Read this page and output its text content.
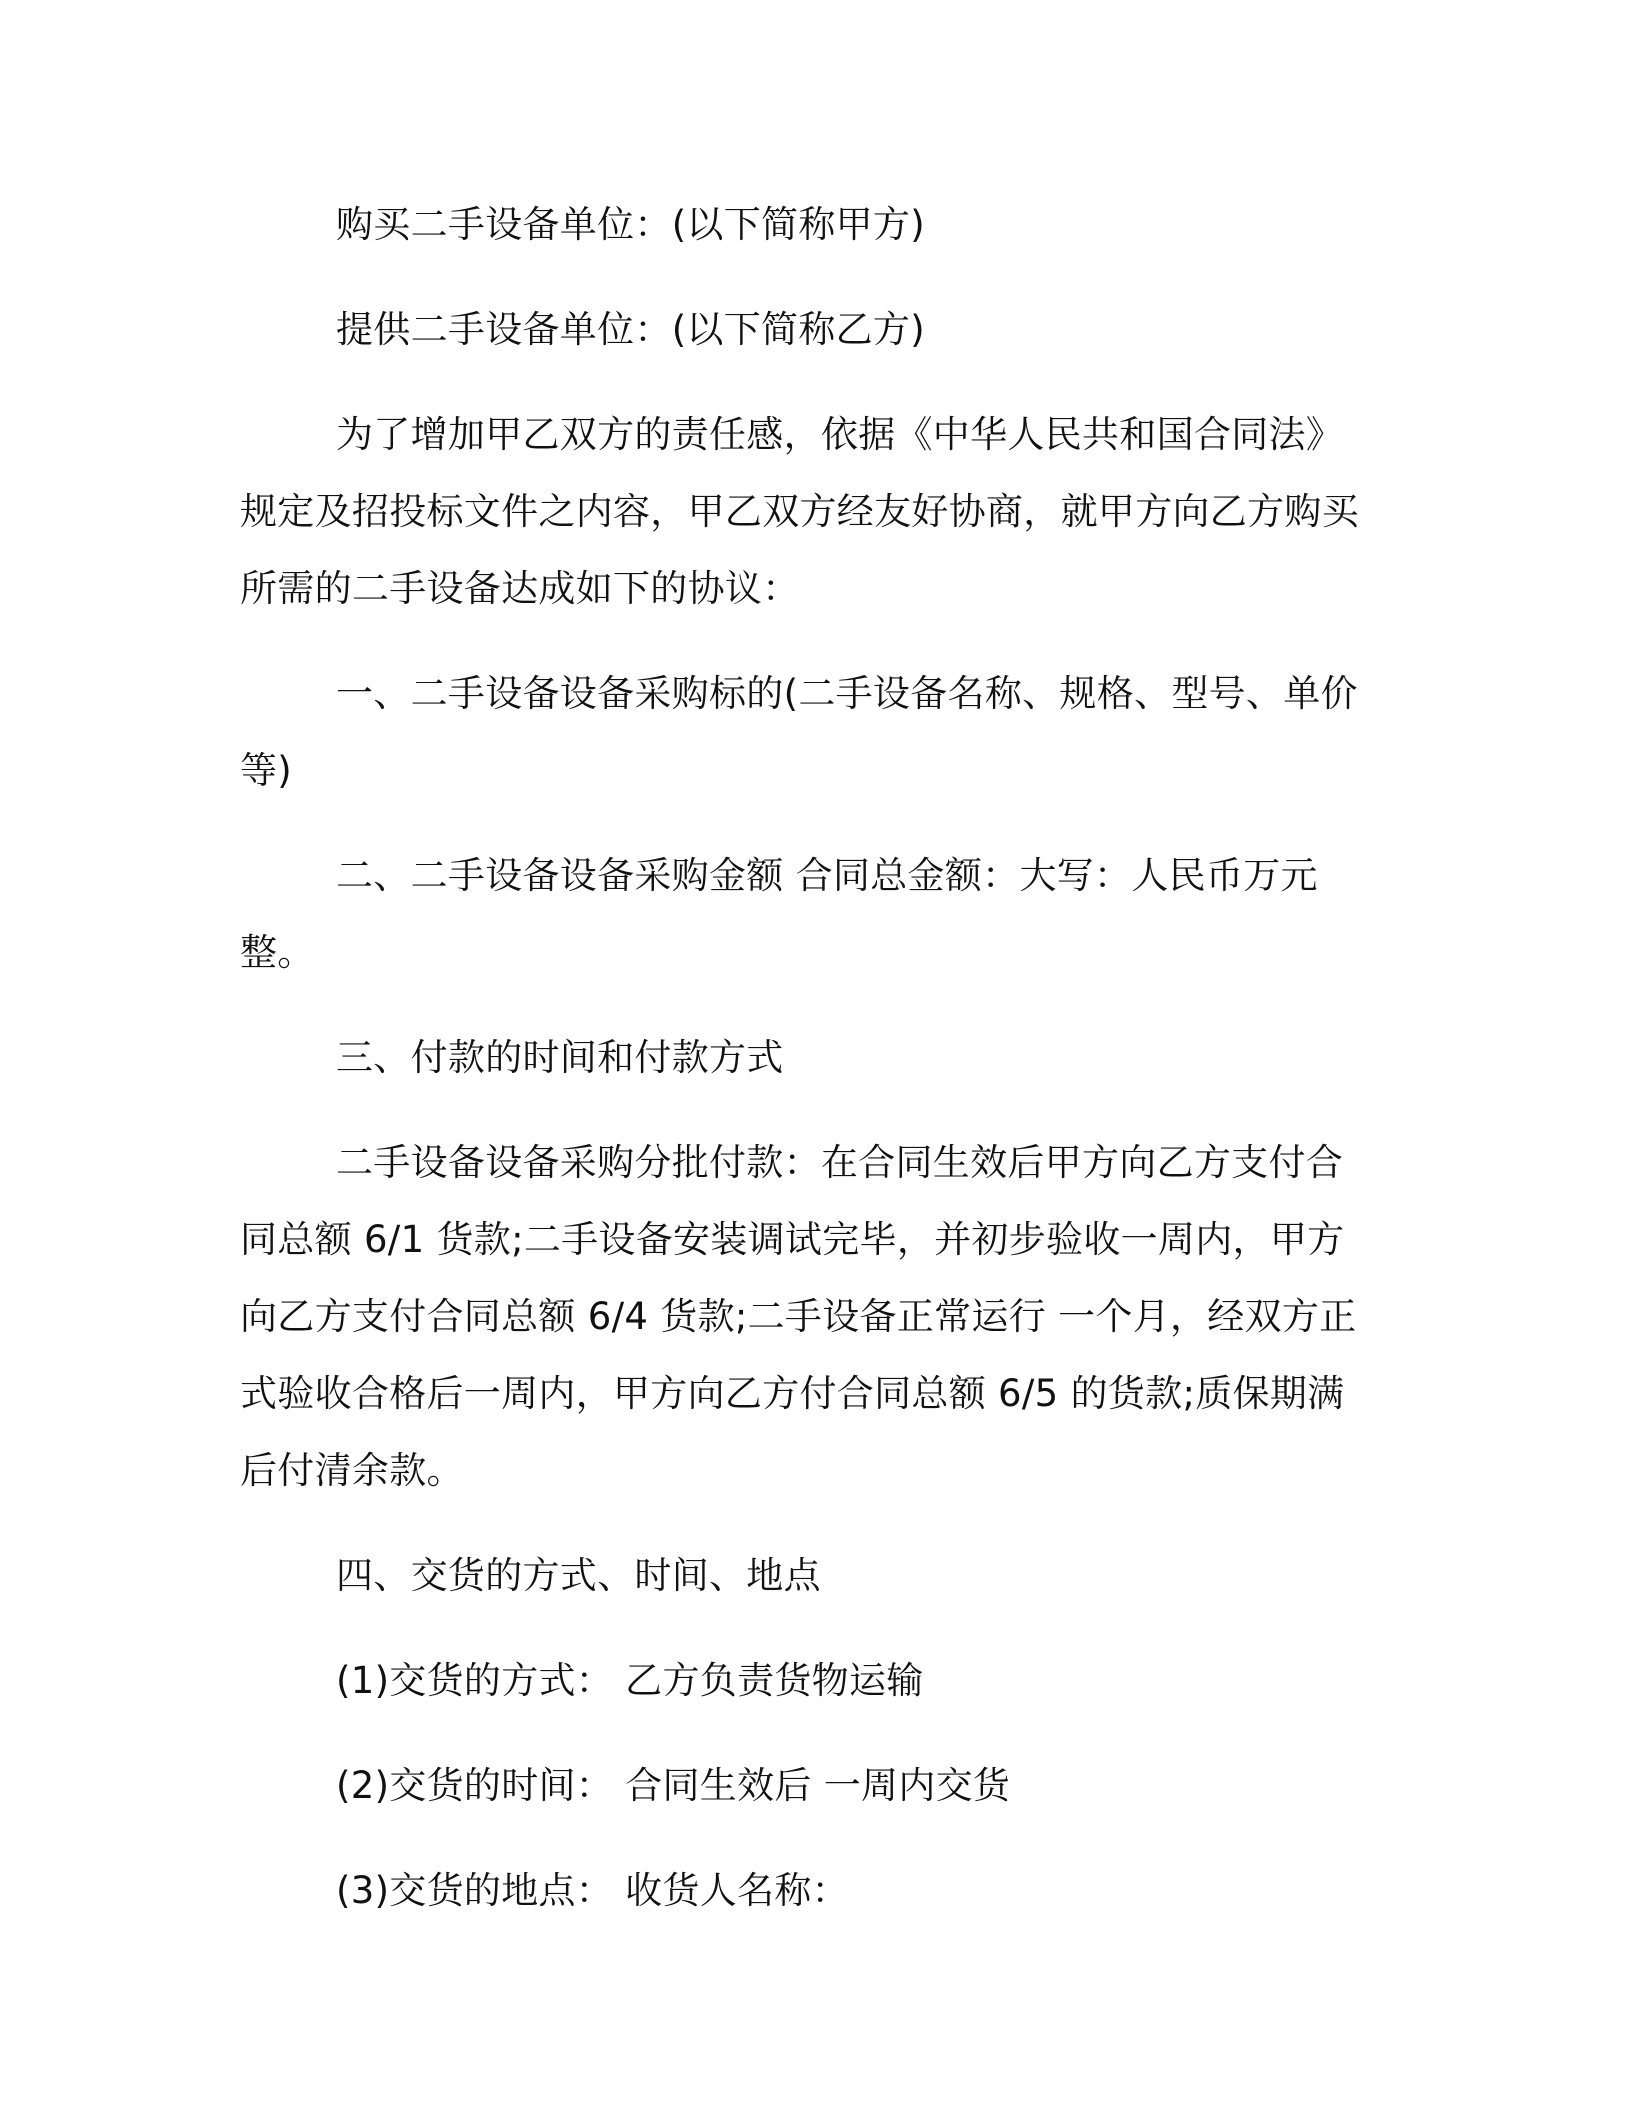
购买二手设备单位：(以下简称甲方)

提供二手设备单位：(以下简称乙方)

为了增加甲乙双方的责任感，依据《中华人民共和国合同法》规定及招投标文件之内容，甲乙双方经友好协商，就甲方向乙方购买所需的二手设备达成如下的协议：

一、二手设备设备采购标的(二手设备名称、规格、型号、单价等)

二、二手设备设备采购金额 合同总金额：大写：人民币万元整。

三、付款的时间和付款方式

二手设备设备采购分批付款：在合同生效后甲方向乙方支付合同总额 6/1 货款;二手设备安装调试完毕，并初步验收一周内，甲方向乙方支付合同总额 6/4 货款;二手设备正常运行 一个月，经双方正式验收合格后一周内，甲方向乙方付合同总额 6/5 的货款;质保期满后付清余款。

四、交货的方式、时间、地点

(1)交货的方式： 乙方负责货物运输

(2)交货的时间： 合同生效后 一周内交货

(3)交货的地点： 收货人名称：
